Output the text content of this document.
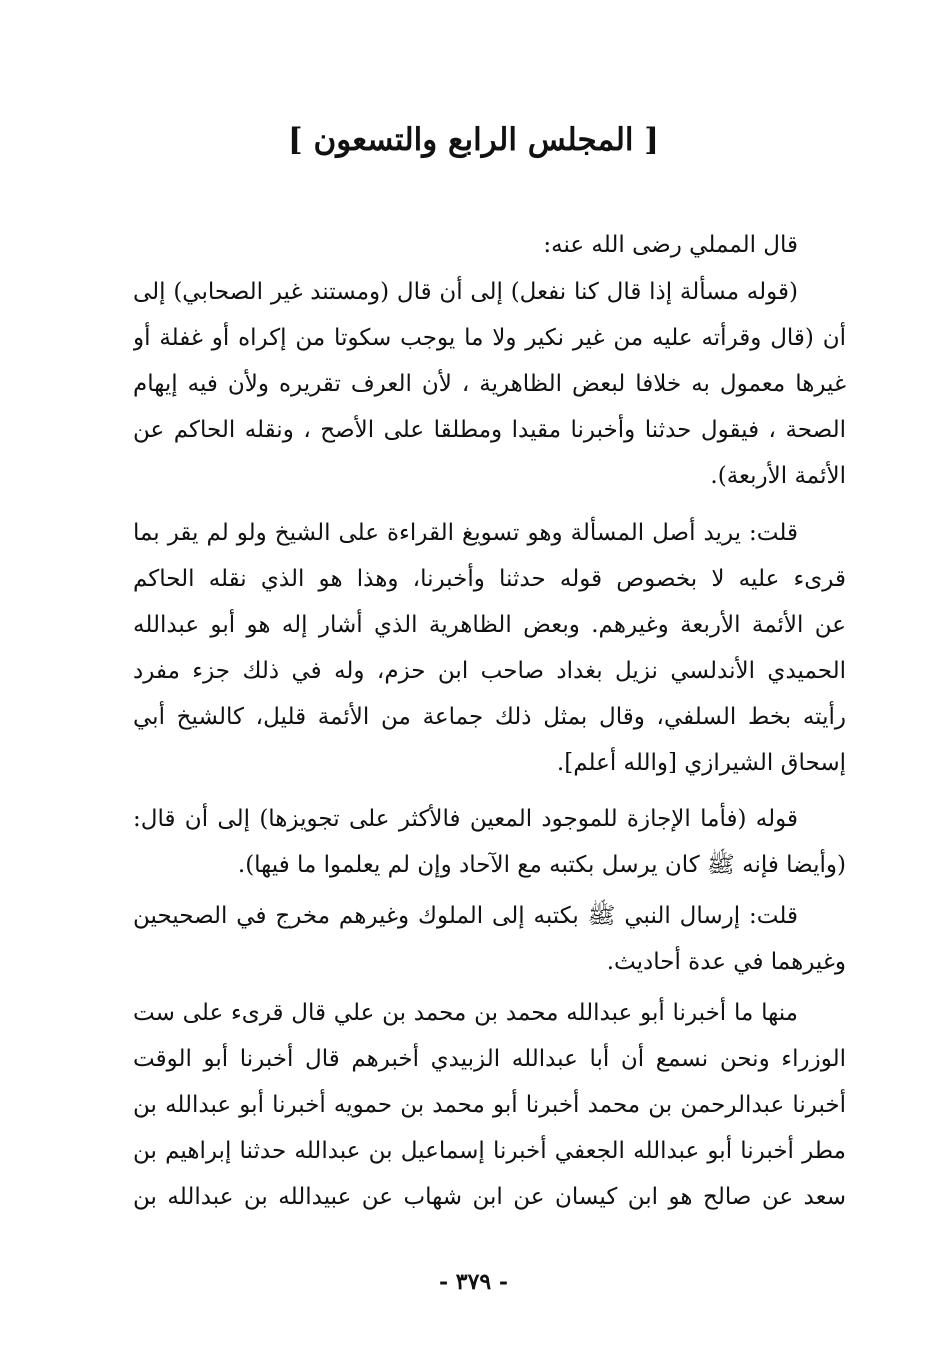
[ المجلس الرابع والتسعون ]
قال المملي رضى الله عنه:
(قوله مسألة إذا قال كنا نفعل) إلى أن قال (ومستند غير الصحابي) إلى
أن (قال وقرأته عليه من غير نكير ولا ما يوجب سكوتا من إكراه أو غفلة أو
غيرها معمول به خلافا لبعض الظاهرية ، لأن العرف تقريره ولأن فيه إيهام
الصحة ، فيقول حدثنا وأخبرنا مقيدا ومطلقا على الأصح ، ونقله الحاكم عن
الأئمة الأربعة).
قلت: يريد أصل المسألة وهو تسويغ القراءة على الشيخ ولو لم يقر بما
قرىء عليه لا بخصوص قوله حدثنا وأخبرنا، وهذا هو الذي نقله الحاكم
عن الأئمة الأربعة وغيرهم. وبعض الظاهرية الذي أشار إله هو أبو عبدالله
الحميدي الأندلسي نزيل بغداد صاحب ابن حزم، وله في ذلك جزء مفرد
رأيته بخط السلفي، وقال بمثل ذلك جماعة من الأئمة قليل، كالشيخ أبي
إسحاق الشيرازي [والله أعلم].
قوله (فأما الإجازة للموجود المعين فالأكثر على تجويزها) إلى أن قال:
(وأيضا فإنه ﷺ كان يرسل بكتبه مع الآحاد وإن لم يعلموا ما فيها).
قلت: إرسال النبي ﷺ بكتبه إلى الملوك وغيرهم مخرج في الصحيحين
وغيرهما في عدة أحاديث.
منها ما أخبرنا أبو عبدالله محمد بن محمد بن علي قال قرىء على ست
الوزراء ونحن نسمع أن أبا عبدالله الزبيدي أخبرهم قال أخبرنا أبو الوقت
أخبرنا عبدالرحمن بن محمد أخبرنا أبو محمد بن حمويه أخبرنا أبو عبدالله بن
مطر أخبرنا أبو عبدالله الجعفي أخبرنا إسماعيل بن عبدالله حدثنا إبراهيم بن
سعد عن صالح هو ابن كيسان عن ابن شهاب عن عبيدالله بن عبدالله بن
- ٣٧٩ -
